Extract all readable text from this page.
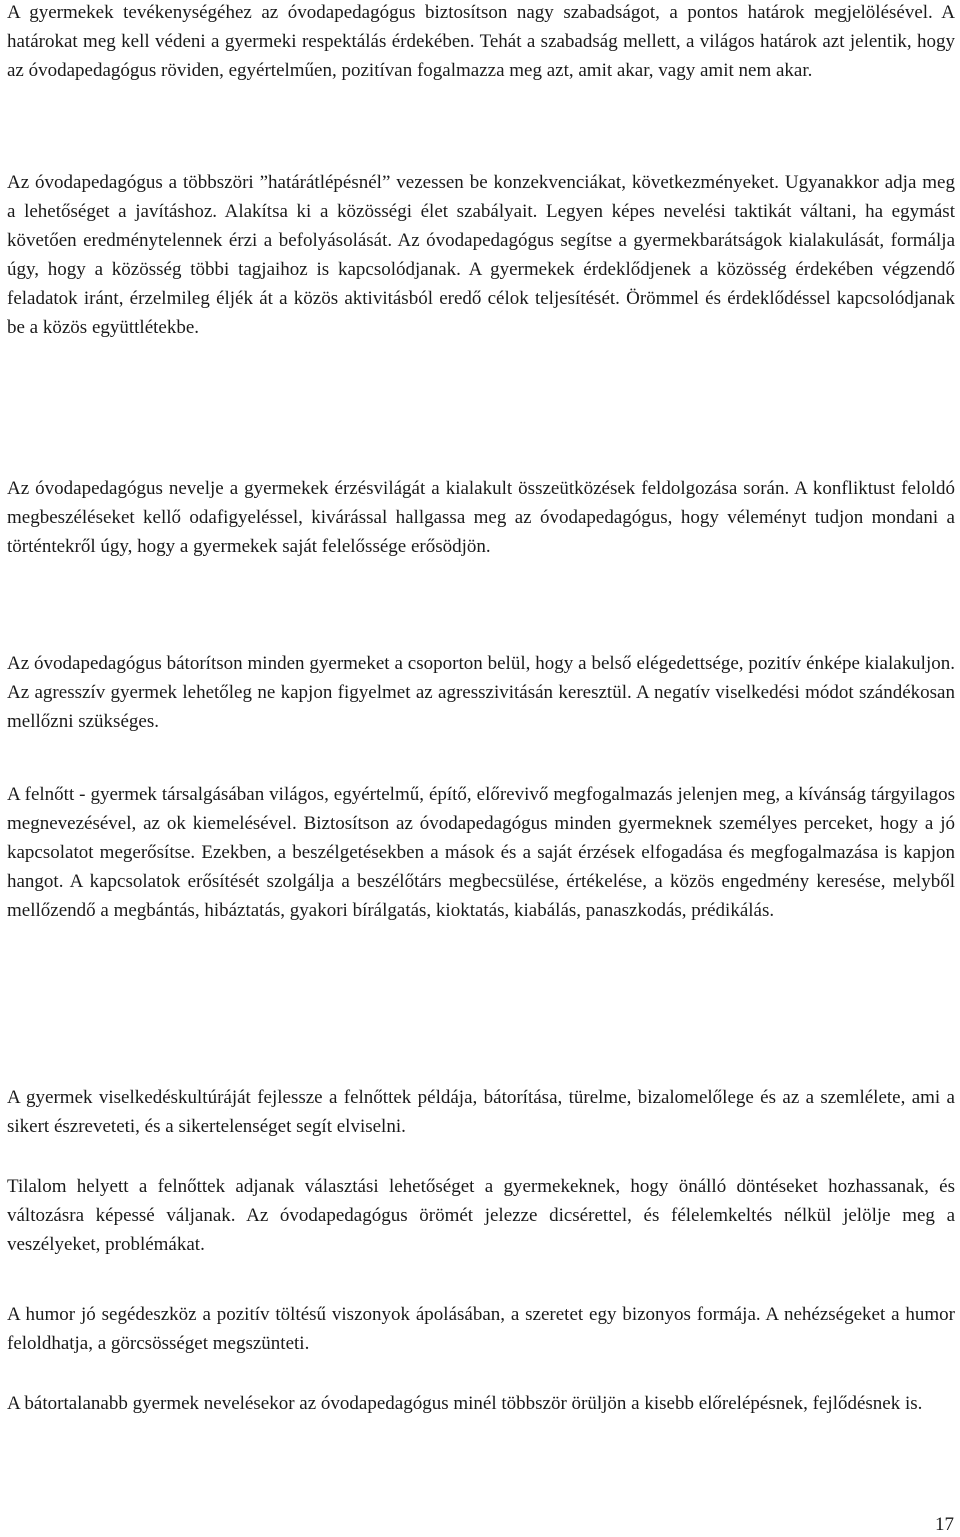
A gyermekek tevékenységéhez az óvodapedagógus biztosítson nagy szabadságot, a pontos határok megjelölésével. A határokat meg kell védeni a gyermeki respektálás érdekében. Tehát a szabadság mellett, a világos határok azt jelentik, hogy az óvodapedagógus röviden, egyértelműen, pozitívan fogalmazza meg azt, amit akar, vagy amit nem akar.

Az óvodapedagógus a többszöri ”határátlépésnél” vezessen be konzekvenciákat, következményeket. Ugyanakkor adja meg a lehetőséget a javításhoz. Alakítsa ki a közösségi élet szabályait. Legyen képes nevelési taktikát váltani, ha egymást követően eredménytelennek érzi a befolyásolását. Az óvodapedagógus segítse a gyermekbarátságok kialakulását, formálja úgy, hogy a közösség többi tagjaihoz is kapcsolódjanak. A gyermekek érdeklődjenek a közösség érdekében végzendő feladatok iránt, érzelmileg éljék át a közös aktivitásból eredő célok teljesítését. Örömmel és érdeklődéssel kapcsolódjanak be a közös együttlétekbe.

Az óvodapedagógus nevelje a gyermekek érzésvilágát a kialakult összeütközések feldolgozása során. A konfliktust feloldó megbeszéléseket kellő odafigyeléssel, kivárással hallgassa meg az óvodapedagógus, hogy véleményt tudjon mondani a történtekről úgy, hogy a gyermekek saját felelőssége erősödjön.

Az óvodapedagógus bátorítson minden gyermeket a csoporton belül, hogy a belső elégedettsége, pozitív énképe kialakuljon. Az agresszív gyermek lehetőleg ne kapjon figyelmet az agresszivitásán keresztül. A negatív viselkedési módot szándékosan mellőzni szükséges.

A felnőtt - gyermek társalgásában világos, egyértelmű, építő, előrevivő megfogalmazás jelenjen meg, a kívánság tárgyilagos megnevezésével, az ok kiemelésével. Biztosítson az óvodapedagógus minden gyermeknek személyes perceket, hogy a jó kapcsolatot megerősítse. Ezekben, a beszélgetésekben a mások és a saját érzések elfogadása és megfogalmazása is kapjon hangot. A kapcsolatok erősítését szolgálja a beszélőtárs megbecsülése, értékelése, a közös engedmény keresése, melyből mellőzendő a megbántás, hibáztatás, gyakori bírálgatás, kioktatás, kiabálás, panaszkodás, prédikálás.

A gyermek viselkedéskultúráját fejlessze a felnőttek példája, bátorítása, türelme, bizalomelőlege és az a szemlélete, ami a sikert észreveteti, és a sikertelenséget segít elviselni.

Tilalom helyett a felnőttek adjanak választási lehetőséget a gyermekeknek, hogy önálló döntéseket hozhassanak, és változásra képessé váljanak. Az óvodapedagógus örömét jelezze dicsérettel, és félelemkeltés nélkül jelölje meg a veszélyeket, problémákat.

A humor jó segédeszköz a pozitív töltésű viszonyok ápolásában, a szeretet egy bizonyos formája. A nehézségeket a humor feloldhatja, a görcsösséget megszünteti.

A bátortalanabb gyermek nevelésekor az óvodapedagógus minél többször örüljön a kisebb előrelépésnek, fejlődésnek is.

17
